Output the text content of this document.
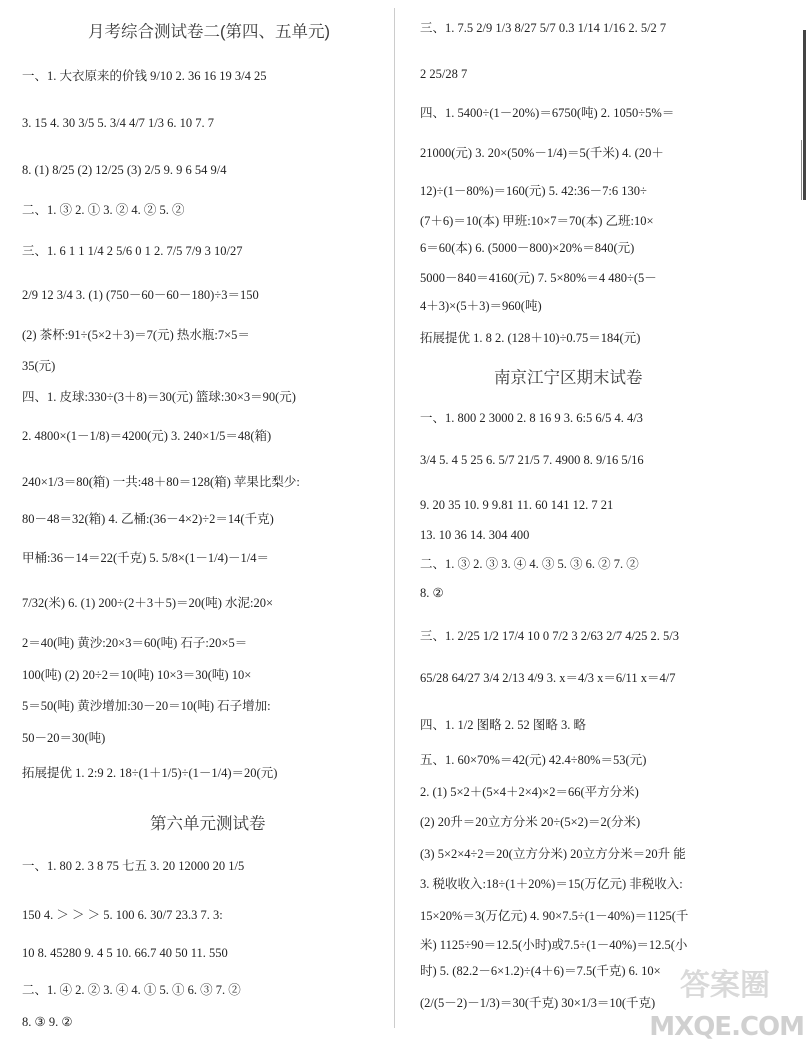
月考综合测试卷二(第四、五单元)
一、1. 大衣原来的价钱 9/10 2. 36 16 19 3/4 25
3. 15 4. 30 3/5 5. 3/4 4/7 1/3 6. 10 7. 7
8. (1) 8/25 (2) 12/25 (3) 2/5 9. 9 6 54 9/4
二、1. ③ 2. ① 3. ② 4. ② 5. ②
三、1. 6 1 1 1/4 2 5/6 0 1 2. 7/5 7/9 3 10/27
2/9 12 3/4 3. (1) (750－60－60－180)÷3＝150
(2) 茶杯:91÷(5×2＋3)＝7(元) 热水瓶:7×5＝
35(元)
四、1. 皮球:330÷(3＋8)＝30(元) 篮球:30×3＝90(元)
2. 4800×(1－1/8)＝4200(元) 3. 240×1/5＝48(箱)
240×1/3＝80(箱) 一共:48＋80＝128(箱) 苹果比梨少:
80－48＝32(箱) 4. 乙桶:(36－4×2)÷2＝14(千克)
甲桶:36－14＝22(千克) 5. 5/8×(1－1/4)－1/4＝
7/32(米) 6. (1) 200÷(2＋3＋5)＝20(吨) 水泥:20×
2＝40(吨) 黄沙:20×3＝60(吨) 石子:20×5＝
100(吨) (2) 20÷2＝10(吨) 10×3＝30(吨) 10×
5＝50(吨) 黄沙增加:30－20＝10(吨) 石子增加:
50－20＝30(吨)
拓展提优 1. 2:9 2. 18÷(1＋1/5)÷(1－1/4)＝20(元)
第六单元测试卷
一、1. 80 2. 3 8 75 七五 3. 20 12000 20 1/5
150 4. ＞ ＞ ＞ 5. 100 6. 30/7 23.3 7. 3:
10 8. 45280 9. 4 5 10. 66.7 40 50 11. 550
二、1. ④ 2. ② 3. ④ 4. ① 5. ① 6. ③ 7. ②
8. ③ 9. ②
三、1. 7.5 2/9 1/3 8/27 5/7 0.3 1/14 1/16 2. 5/2 7
2 25/28 7
四、1. 5400÷(1－20%)＝6750(吨) 2. 1050÷5%＝
21000(元) 3. 20×(50%－1/4)＝5(千米) 4. (20＋
12)÷(1－80%)＝160(元) 5. 42:36－7:6 130÷
(7＋6)＝10(本) 甲班:10×7＝70(本) 乙班:10×
6＝60(本) 6. (5000－800)×20%＝840(元)
5000－840＝4160(元) 7. 5×80%＝4 480÷(5－
4＋3)×(5＋3)＝960(吨)
拓展提优 1. 8 2. (128＋10)÷0.75＝184(元)
南京江宁区期末试卷
一、1. 800 2 3000 2. 8 16 9 3. 6:5 6/5 4. 4/3
3/4 5. 4 5 25 6. 5/7 21/5 7. 4900 8. 9/16 5/16
9. 20 35 10. 9 9.81 11. 60 141 12. 7 21
13. 10 36 14. 304 400
二、1. ③ 2. ③ 3. ④ 4. ③ 5. ③ 6. ② 7. ②
8. ②
三、1. 2/25 1/2 17/4 10 0 7/2 3 2/63 2/7 4/25 2. 5/3
65/28 64/27 3/4 2/13 4/9 3. x＝4/3 x＝6/11 x＝4/7
四、1. 1/2 图略 2. 52 图略 3. 略
五、1. 60×70%＝42(元) 42.4÷80%＝53(元)
2. (1) 5×2＋(5×4＋2×4)×2＝66(平方分米)
(2) 20升＝20立方分米 20÷(5×2)＝2(分米)
(3) 5×2×4÷2＝20(立方分米) 20立方分米＝20升 能
3. 税收收入:18÷(1＋20%)＝15(万亿元) 非税收入:
15×20%＝3(万亿元) 4. 90×7.5÷(1－40%)＝1125(千
米) 1125÷90＝12.5(小时)或7.5÷(1－40%)＝12.5(小
时) 5. (82.2－6×1.2)÷(4＋6)＝7.5(千克) 6. 10×
(2/(5－2)－1/3)＝30(千克) 30×1/3＝10(千克) 答案圈
MXQE.COM
